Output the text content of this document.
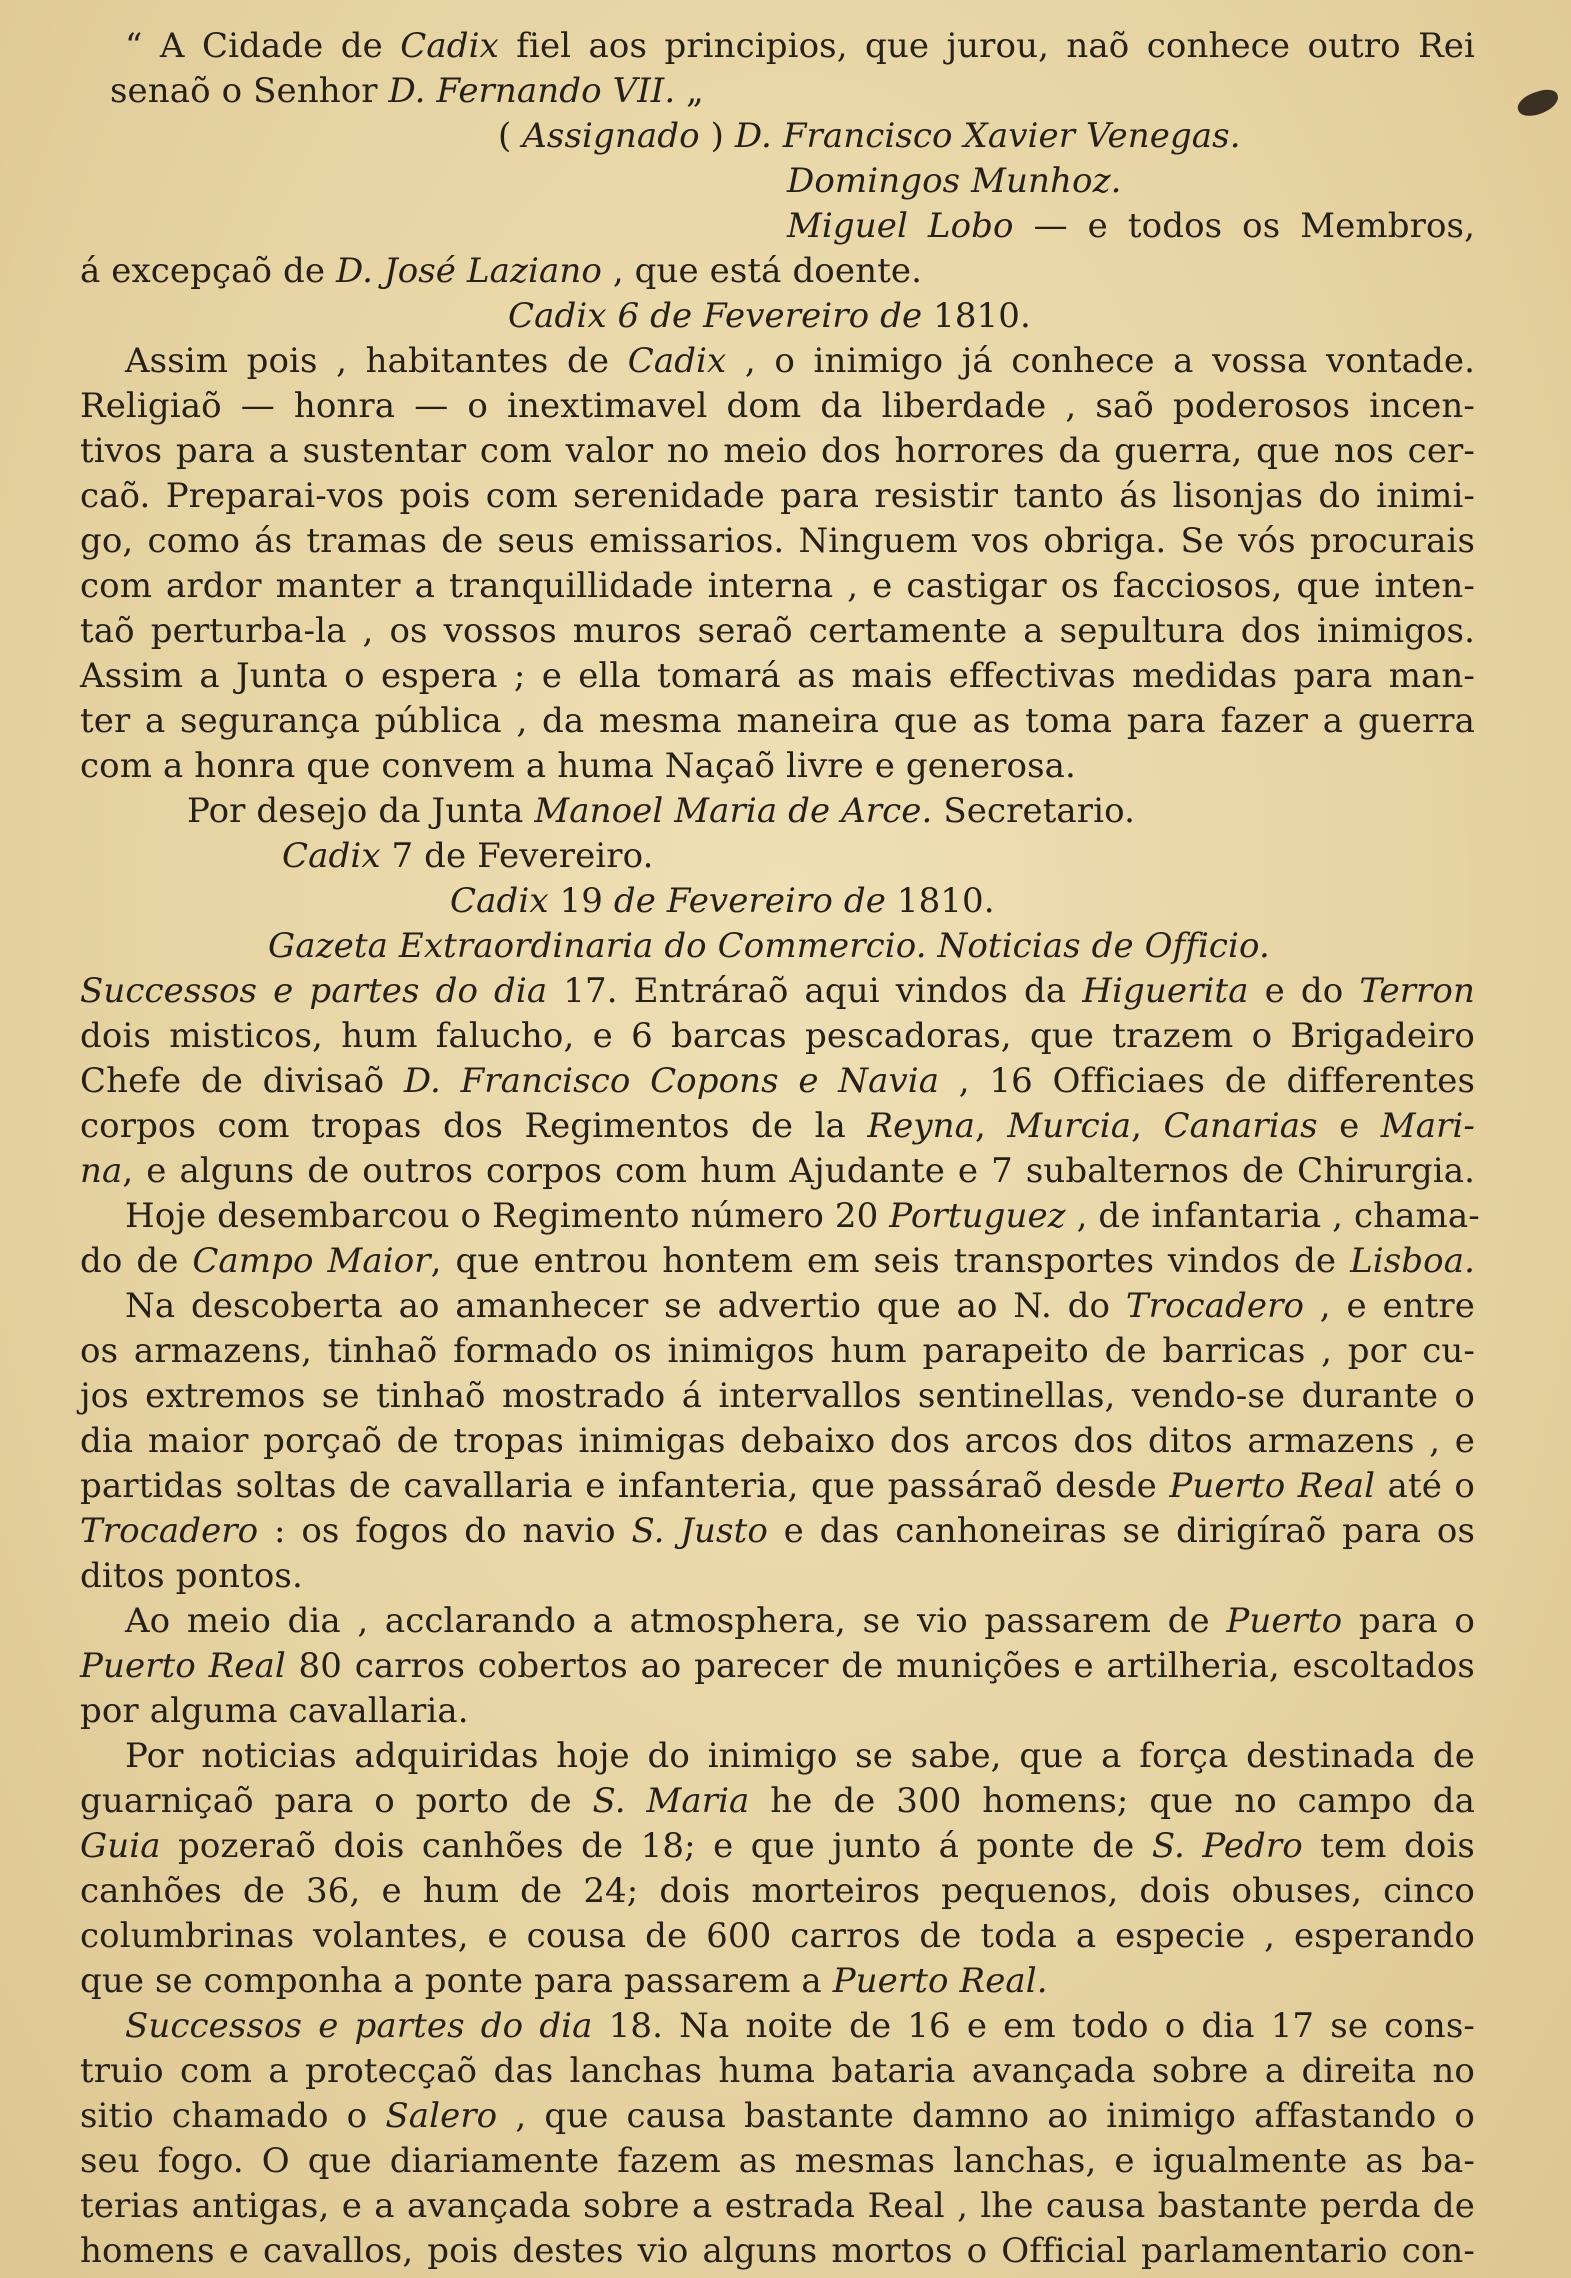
“ A Cidade de Cadix fiel aos principios, que jurou, naõ conhece outro Rei
senaõ o Senhor D. Fernando VII. „
( Assignado ) D. Francisco Xavier Venegas.
Domingos Munhoz.
Miguel Lobo — e todos os Membros,
á excepçaõ de D. José Laziano , que está doente.
Cadix 6 de Fevereiro de 1810.
Assim pois , habitantes de Cadix , o inimigo já conhece a vossa vontade.
Religiaõ — honra — o inextimavel dom da liberdade , saõ poderosos incen-
tivos para a sustentar com valor no meio dos horrores da guerra, que nos cer-
caõ. Preparai-vos pois com serenidade para resistir tanto ás lisonjas do inimi-
go, como ás tramas de seus emissarios. Ninguem vos obriga. Se vós procurais
com ardor manter a tranquillidade interna , e castigar os facciosos, que inten-
taõ perturba-la , os vossos muros seraõ certamente a sepultura dos inimigos.
Assim a Junta o espera ; e ella tomará as mais effectivas medidas para man-
ter a segurança pública , da mesma maneira que as toma para fazer a guerra
com a honra que convem a huma Naçaõ livre e generosa.
Por desejo da Junta Manoel Maria de Arce. Secretario.
Cadix 7 de Fevereiro.
Cadix 19 de Fevereiro de 1810.
Gazeta Extraordinaria do Commercio. Noticias de Officio.
Successos e partes do dia 17. Entráraõ aqui vindos da Higuerita e do Terron
dois misticos, hum falucho, e 6 barcas pescadoras, que trazem o Brigadeiro
Chefe de divisaõ D. Francisco Copons e Navia , 16 Officiaes de differentes
corpos com tropas dos Regimentos de la Reyna, Murcia, Canarias e Mari-
na, e alguns de outros corpos com hum Ajudante e 7 subalternos de Chirurgia.
Hoje desembarcou o Regimento número 20 Portuguez , de infantaria , chama-
do de Campo Maior, que entrou hontem em seis transportes vindos de Lisboa.
Na descoberta ao amanhecer se advertio que ao N. do Trocadero , e entre
os armazens, tinhaõ formado os inimigos hum parapeito de barricas , por cu-
jos extremos se tinhaõ mostrado á intervallos sentinellas, vendo-se durante o
dia maior porçaõ de tropas inimigas debaixo dos arcos dos ditos armazens , e
partidas soltas de cavallaria e infanteria, que passáraõ desde Puerto Real até o
Trocadero : os fogos do navio S. Justo e das canhoneiras se dirigíraõ para os
ditos pontos.
Ao meio dia , acclarando a atmosphera, se vio passarem de Puerto para o
Puerto Real 80 carros cobertos ao parecer de munições e artilheria, escoltados
por alguma cavallaria.
Por noticias adquiridas hoje do inimigo se sabe, que a força destinada de
guarniçaõ para o porto de S. Maria he de 300 homens; que no campo da
Guia pozeraõ dois canhões de 18; e que junto á ponte de S. Pedro tem dois
canhões de 36, e hum de 24; dois morteiros pequenos, dois obuses, cinco
columbrinas volantes, e cousa de 600 carros de toda a especie , esperando
que se componha a ponte para passarem a Puerto Real.
Successos e partes do dia 18. Na noite de 16 e em todo o dia 17 se cons-
truio com a protecçaõ das lanchas huma bataria avançada sobre a direita no
sitio chamado o Salero , que causa bastante damno ao inimigo affastando o
seu fogo. O que diariamente fazem as mesmas lanchas, e igualmente as ba-
terias antigas, e a avançada sobre a estrada Real , lhe causa bastante perda de
homens e cavallos, pois destes vio alguns mortos o Official parlamentario con-
